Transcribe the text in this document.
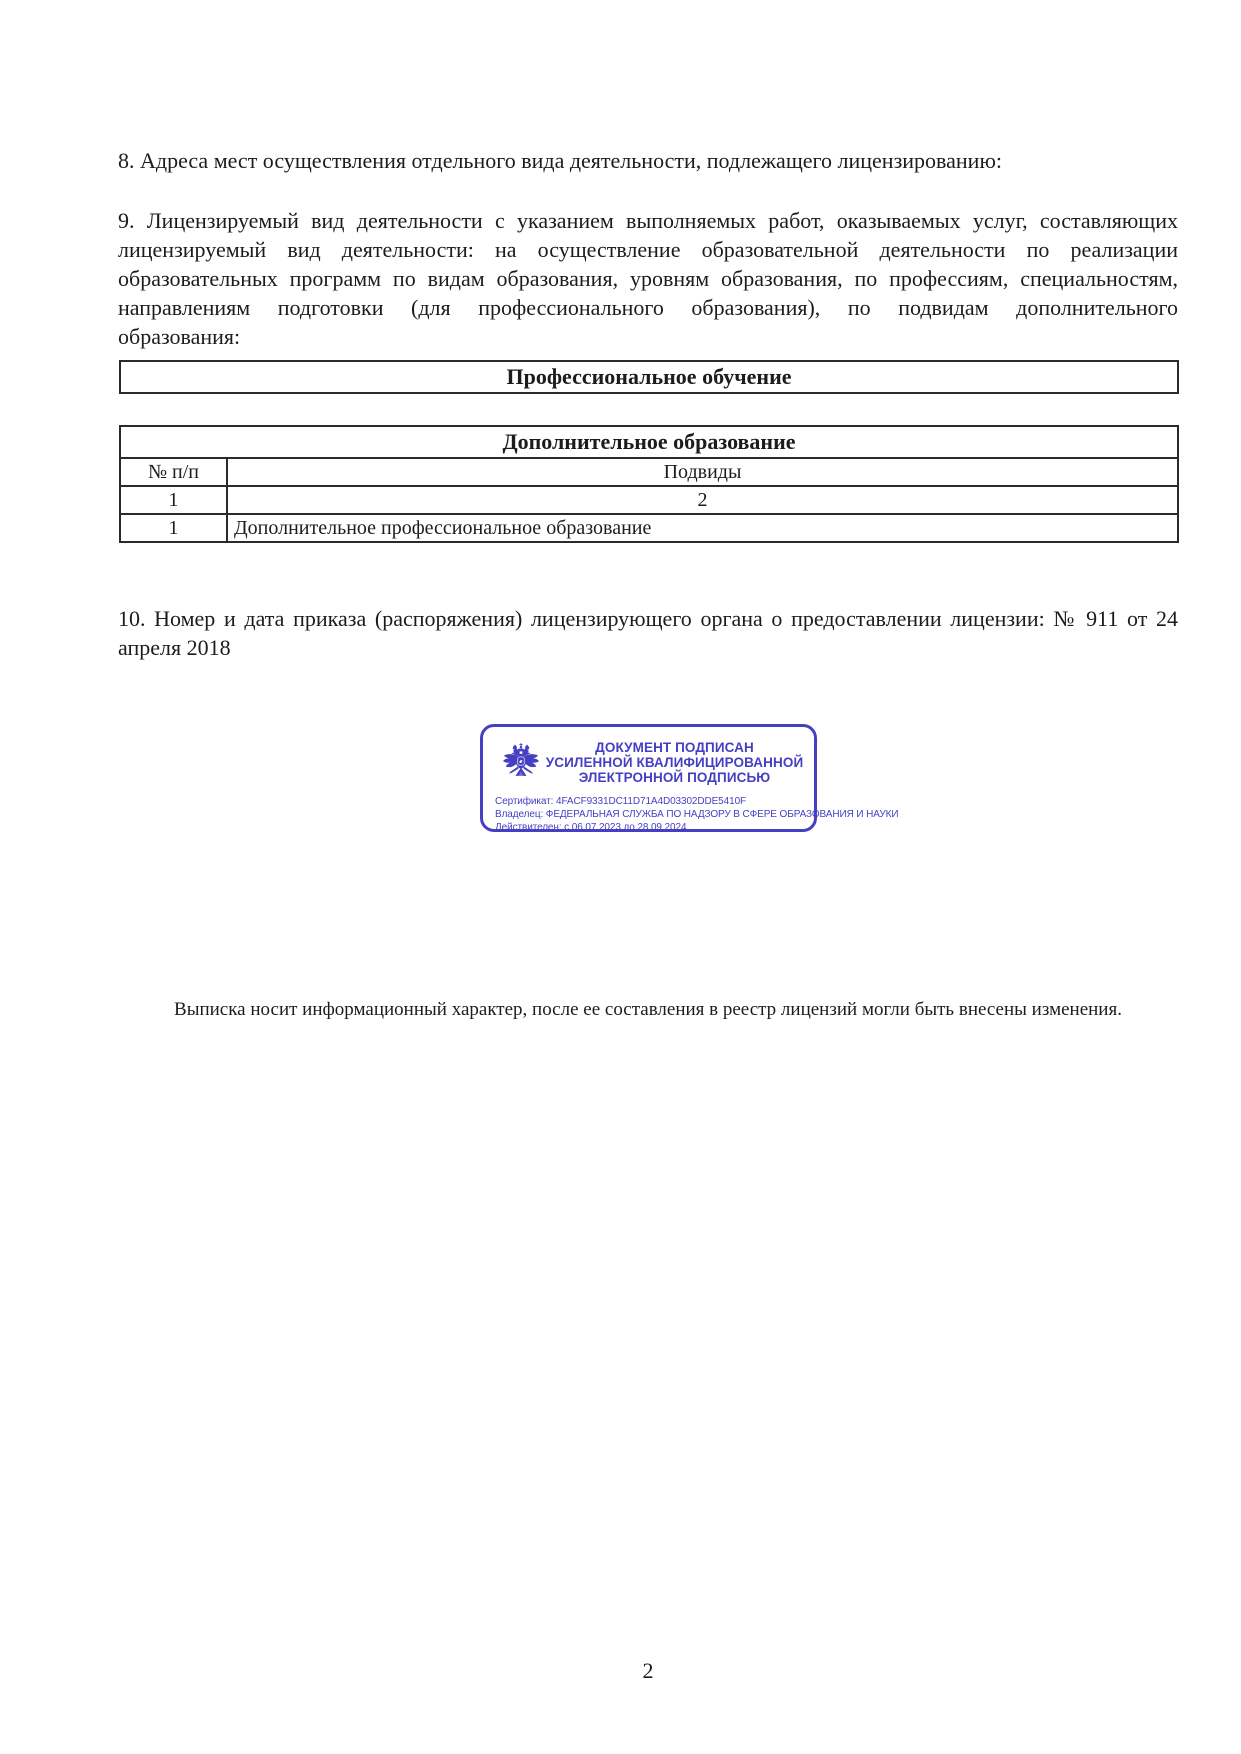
8. Адреса мест осуществления отдельного вида деятельности, подлежащего лицензированию:
9. Лицензируемый вид деятельности с указанием выполняемых работ, оказываемых услуг, составляющих
лицензируемый вид деятельности: на осуществление образовательной деятельности по реализации
образовательных программ по видам образования, уровням образования, по профессиям, специальностям,
направлениям подготовки (для профессионального образования), по подвидам дополнительного
образования:
Профессиональное обучение
Дополнительное образование	
№ п/п	Подвиды
1	2
1	Дополнительное профессиональное образование
10. Номер и дата приказа (распоряжения) лицензирующего органа о предоставлении лицензии: № 911 от 24
апреля 2018
ДОКУМЕНТ ПОДПИСАН
УСИЛЕННОЙ КВАЛИФИЦИРОВАННОЙ
ЭЛЕКТРОННОЙ ПОДПИСЬЮ
Сертификат: 4FACF9331DC11D71A4D03302DDE5410F
Владелец: ФЕДЕРАЛЬНАЯ СЛУЖБА ПО НАДЗОРУ В СФЕРЕ ОБРАЗОВАНИЯ И НАУКИ
Действителен: с 06.07.2023 до 28.09.2024
Выписка носит информационный характер, после ее составления в реестр лицензий могли быть внесены изменения.
2
